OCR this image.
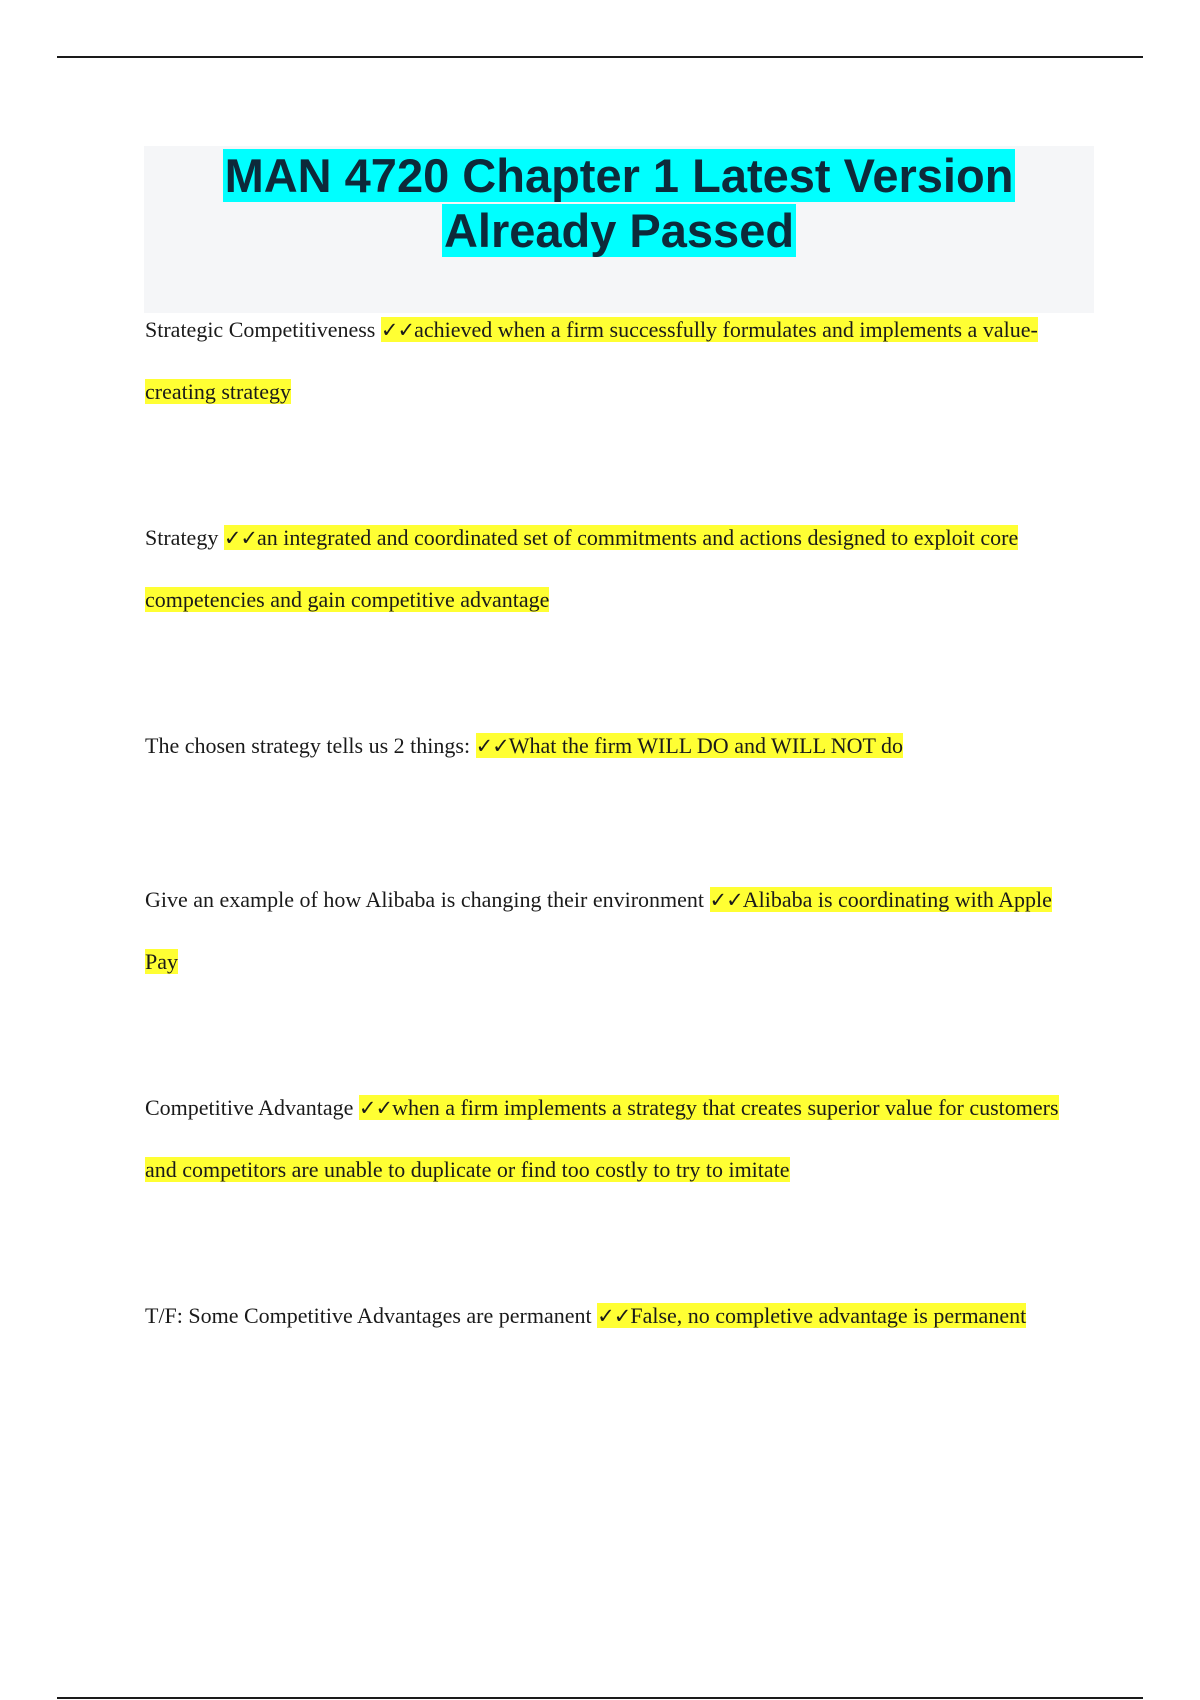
MAN 4720 Chapter 1 Latest Version
Already Passed

Strategic Competitiveness ✓✓achieved when a firm successfully formulates and implements a value-creating strategy

Strategy ✓✓an integrated and coordinated set of commitments and actions designed to exploit core competencies and gain competitive advantage

The chosen strategy tells us 2 things: ✓✓What the firm WILL DO and WILL NOT do

Give an example of how Alibaba is changing their environment ✓✓Alibaba is coordinating with Apple Pay

Competitive Advantage ✓✓when a firm implements a strategy that creates superior value for customers and competitors are unable to duplicate or find too costly to try to imitate

T/F: Some Competitive Advantages are permanent ✓✓False, no completive advantage is permanent
